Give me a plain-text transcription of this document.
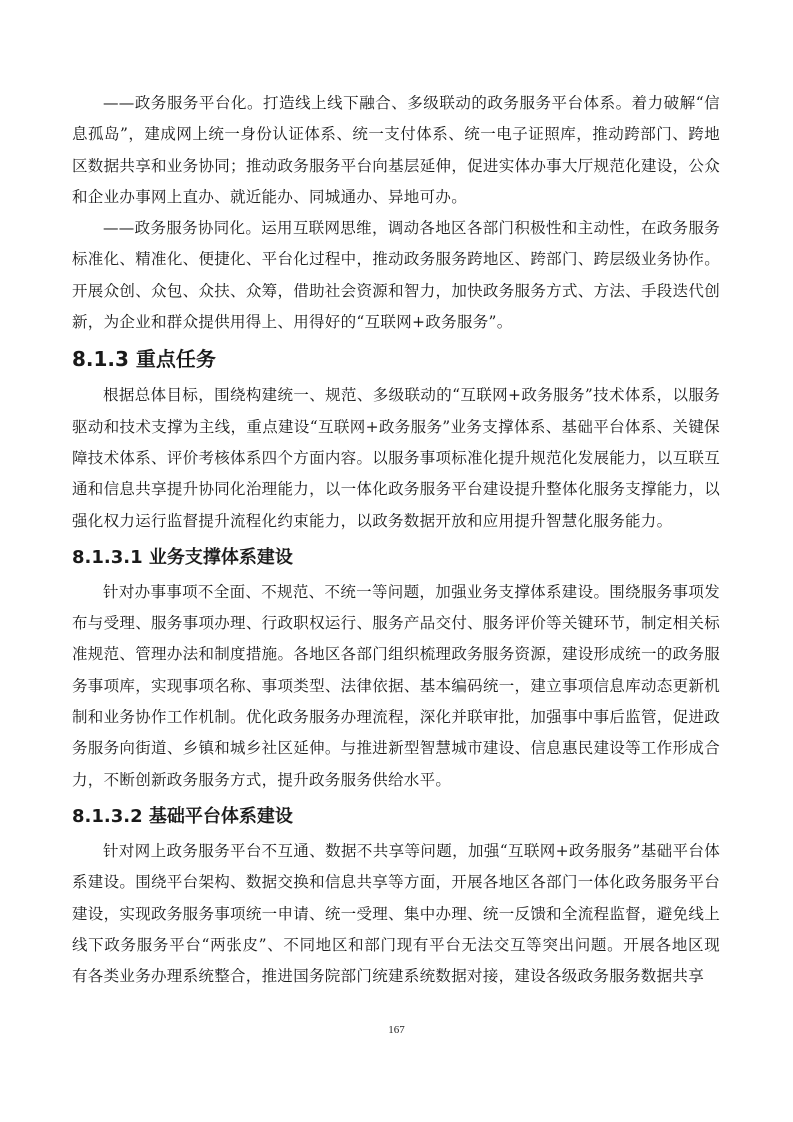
——政务服务平台化。打造线上线下融合、多级联动的政务服务平台体系。着力破解“信息孤岛”，建成网上统一身份认证体系、统一支付体系、统一电子证照库，推动跨部门、跨地区数据共享和业务协同；推动政务服务平台向基层延伸，促进实体办事大厅规范化建设，公众和企业办事网上直办、就近能办、同城通办、异地可办。

——政务服务协同化。运用互联网思维，调动各地区各部门积极性和主动性，在政务服务标准化、精准化、便捷化、平台化过程中，推动政务服务跨地区、跨部门、跨层级业务协作。开展众创、众包、众扶、众筹，借助社会资源和智力，加快政务服务方式、方法、手段迭代创新，为企业和群众提供用得上、用得好的“互联网+政务服务”。

8.1.3 重点任务

根据总体目标，围绕构建统一、规范、多级联动的“互联网+政务服务”技术体系，以服务驱动和技术支撑为主线，重点建设“互联网+政务服务”业务支撑体系、基础平台体系、关键保障技术体系、评价考核体系四个方面内容。以服务事项标准化提升规范化发展能力，以互联互通和信息共享提升协同化治理能力，以一体化政务服务平台建设提升整体化服务支撑能力，以强化权力运行监督提升流程化约束能力，以政务数据开放和应用提升智慧化服务能力。

8.1.3.1 业务支撑体系建设

针对办事事项不全面、不规范、不统一等问题，加强业务支撑体系建设。围绕服务事项发布与受理、服务事项办理、行政职权运行、服务产品交付、服务评价等关键环节，制定相关标准规范、管理办法和制度措施。各地区各部门组织梳理政务服务资源，建设形成统一的政务服务事项库，实现事项名称、事项类型、法律依据、基本编码统一，建立事项信息库动态更新机制和业务协作工作机制。优化政务服务办理流程，深化并联审批，加强事中事后监管，促进政务服务向街道、乡镇和城乡社区延伸。与推进新型智慧城市建设、信息惠民建设等工作形成合力，不断创新政务服务方式，提升政务服务供给水平。

8.1.3.2 基础平台体系建设

针对网上政务服务平台不互通、数据不共享等问题，加强“互联网+政务服务”基础平台体系建设。围绕平台架构、数据交换和信息共享等方面，开展各地区各部门一体化政务服务平台建设，实现政务服务事项统一申请、统一受理、集中办理、统一反馈和全流程监督，避免线上线下政务服务平台“两张皮”、不同地区和部门现有平台无法交互等突出问题。开展各地区现有各类业务办理系统整合，推进国务院部门统建系统数据对接，建设各级政务服务数据共享

167
